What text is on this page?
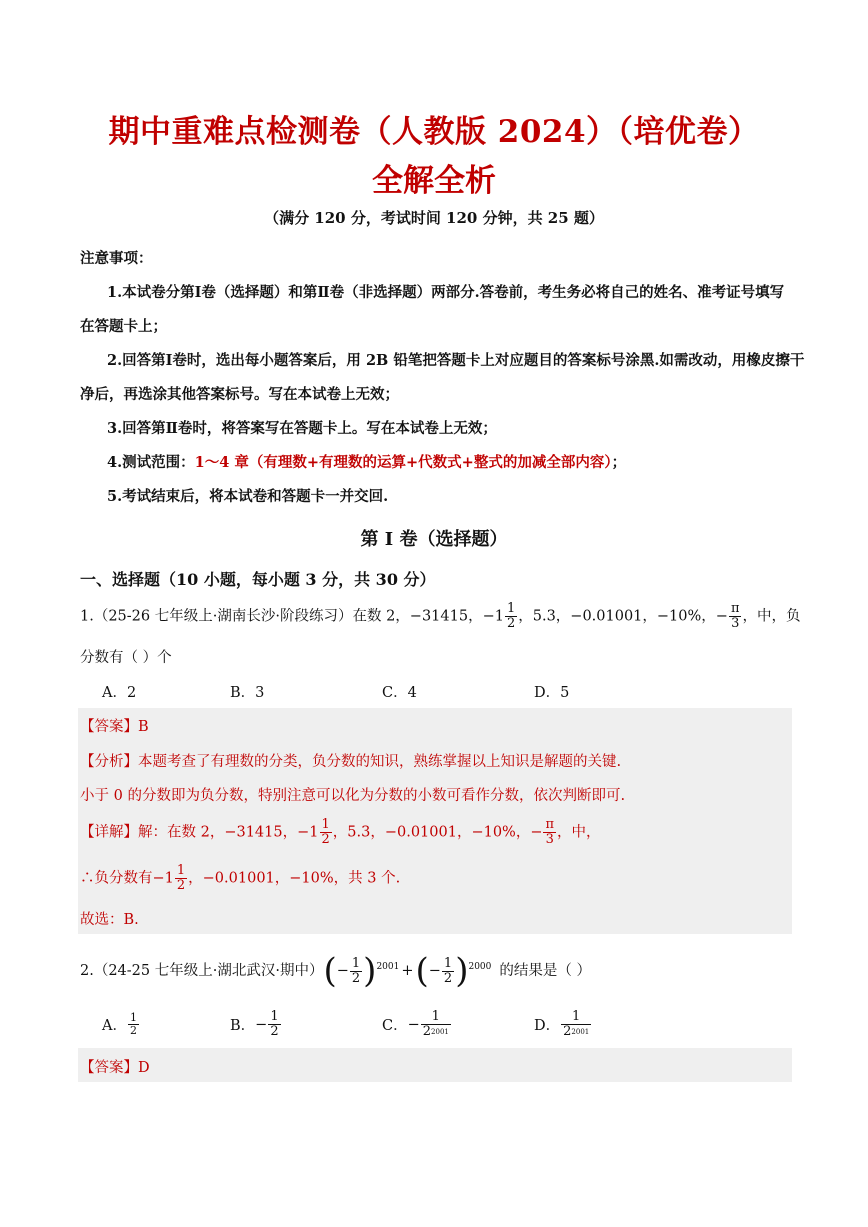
期中重难点检测卷（人教版 2024）（培优卷）
全解全析
（满分 120 分，考试时间 120 分钟，共 25 题）
注意事项：
1.本试卷分第Ⅰ卷（选择题）和第Ⅱ卷（非选择题）两部分.答卷前，考生务必将自己的姓名、准考证号填写
在答题卡上；
2.回答第Ⅰ卷时，选出每小题答案后，用 2B 铅笔把答题卡上对应题目的答案标号涂黑.如需改动，用橡皮擦干
净后，再选涂其他答案标号。写在本试卷上无效；
3.回答第Ⅱ卷时，将答案写在答题卡上。写在本试卷上无效；
4.测试范围：1～4 章（有理数+有理数的运算+代数式+整式的加减全部内容）；
5.考试结束后，将本试卷和答题卡一并交回.
第 I 卷（选择题）
一、选择题（10 小题，每小题 3 分，共 30 分）
1.（25-26 七年级上·湖南长沙·阶段练习）在数 2，−31415，$-1 \frac{1}{2}$ ，5.3，−0.01001，−10%，− $\frac{\pi}{3}$ ，中，负
分数有（ ）个
A．2	B．3	C．4	D．5
【答案】B
【分析】本题考查了有理数的分类，负分数的知识，熟练掌握以上知识是解题的关键.
小于 0 的分数即为负分数，特别注意可以化为分数的小数可看作分数，依次判断即可.
【详解】解：在数 2，−31415，$-1 \frac{1}{2}$ ，5.3，−0.01001，−10%，− $\frac{\pi}{3}$ ，中，
∴负分数有$-1 \frac{1}{2}$ ，−0.01001，−10%，共 3 个.
故选：B.
2.（24-25 七年级上·湖北武汉·期中） ( − $\frac{1}{2}$ ) 2001 + ( − $\frac{1}{2}$ ) 2000 的结果是（ ）
A． $\frac{1}{2}$	B． − $\frac{1}{2}$	C． − $\frac{1}{2^{2001}}$	D． $\frac{1}{2^{2001}}$
【答案】D
